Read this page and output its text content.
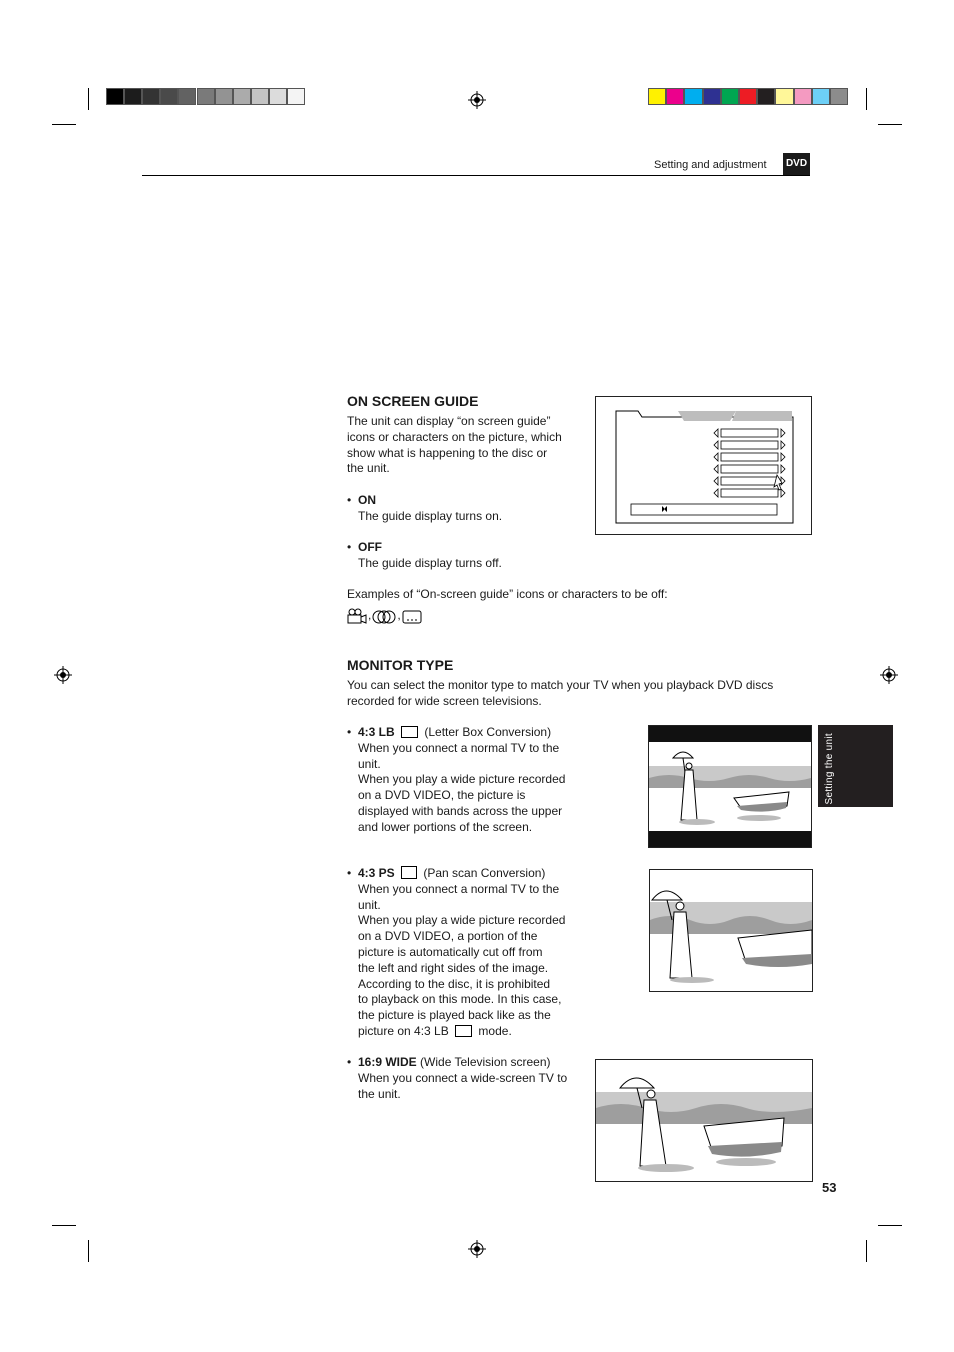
Setting and adjustment DVD
Setting the unit
ON SCREEN GUIDE
The unit can display “on screen guide”
icons or characters on the picture, which
show what is happening to the disc or
the unit.
• ON
The guide display turns on.
• OFF
The guide display turns off.
Examples of “On-screen guide” icons or characters to be off:
, ,
MONITOR TYPE
You can select the monitor type to match your TV when you playback DVD discs
recorded for wide screen televisions.
• 4:3 LB (Letter Box Conversion)
When you connect a normal TV to the
unit.
When you play a wide picture recorded
on a DVD VIDEO, the picture is
displayed with bands across the upper
and lower portions of the screen.
• 4:3 PS (Pan scan Conversion)
When you connect a normal TV to the
unit.
When you play a wide picture recorded
on a DVD VIDEO, a portion of the
picture is automatically cut off from
the left and right sides of the image.
According to the disc, it is prohibited
to playback on this mode. In this case,
the picture is played back like as the
picture on 4:3 LB mode.
• 16:9 WIDE (Wide Television screen)
When you connect a wide-screen TV to
the unit.
53
